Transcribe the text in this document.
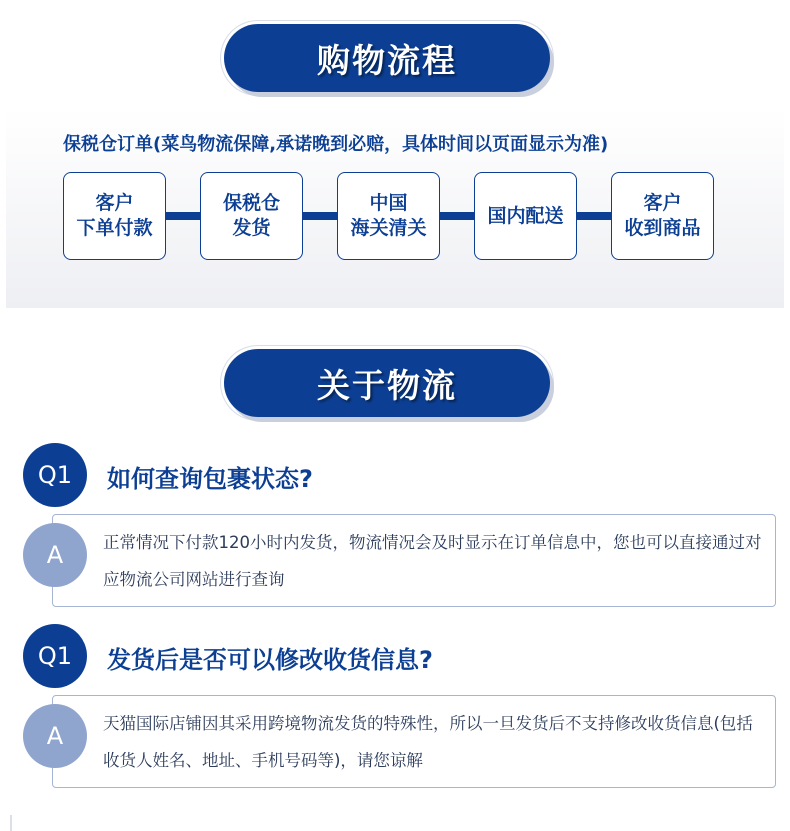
购物流程
保税仓订单(菜鸟物流保障,承诺晚到必赔，具体时间以页面显示为准)
客户
下单付款
保税仓
发货
中国
海关清关
国内配送
客户
收到商品
关于物流
Q1	如何查询包裹状态?
A	正常情况下付款120小时内发货，物流情况会及时显示在订单信息中，您也可以直接通过对应物流公司网站进行查询
Q1	发货后是否可以修改收货信息?
A	天猫国际店铺因其采用跨境物流发货的特殊性，所以一旦发货后不支持修改收货信息(包括收货人姓名、地址、手机号码等)，请您谅解
